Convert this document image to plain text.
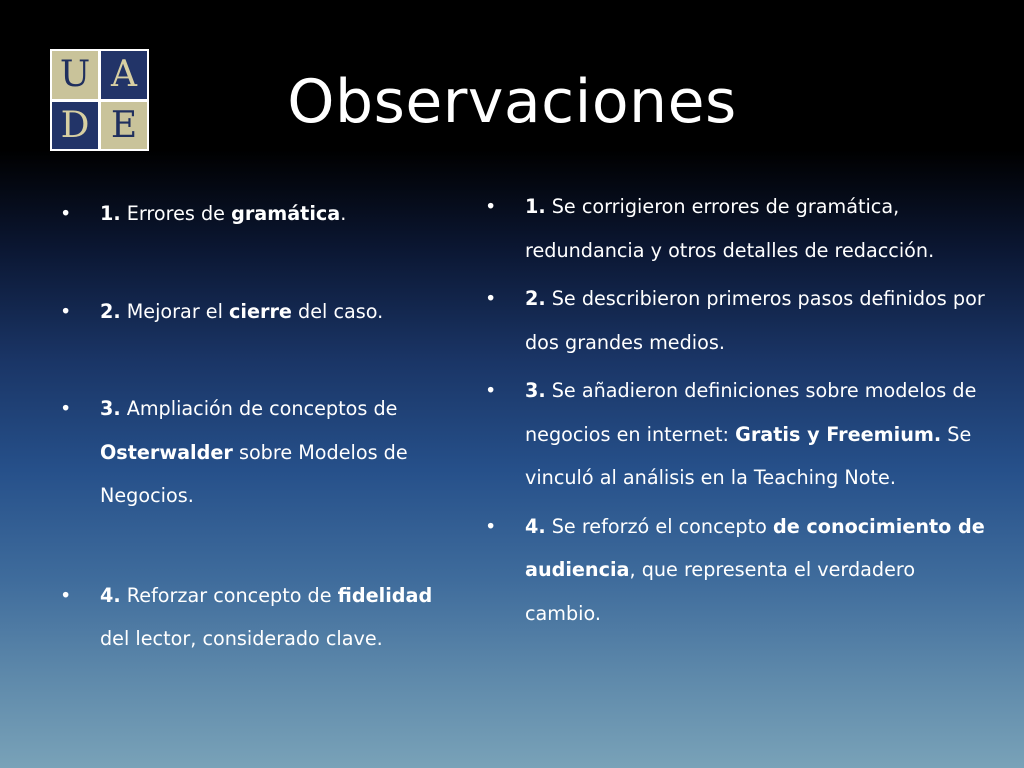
U A
D E	Observaciones
• 1. Errores de gramática.
• 2. Mejorar el cierre del caso.
• 3. Ampliación de conceptos de Osterwalder sobre Modelos de Negocios.
• 4. Reforzar concepto de fidelidad del lector, considerado clave.
• 1. Se corrigieron errores de gramática, redundancia y otros detalles de redacción.
• 2. Se describieron primeros pasos definidos por dos grandes medios.
• 3. Se añadieron definiciones sobre modelos de negocios en internet: Gratis y Freemium. Se vinculó al análisis en la Teaching Note.
• 4. Se reforzó el concepto de conocimiento de audiencia, que representa el verdadero cambio.
